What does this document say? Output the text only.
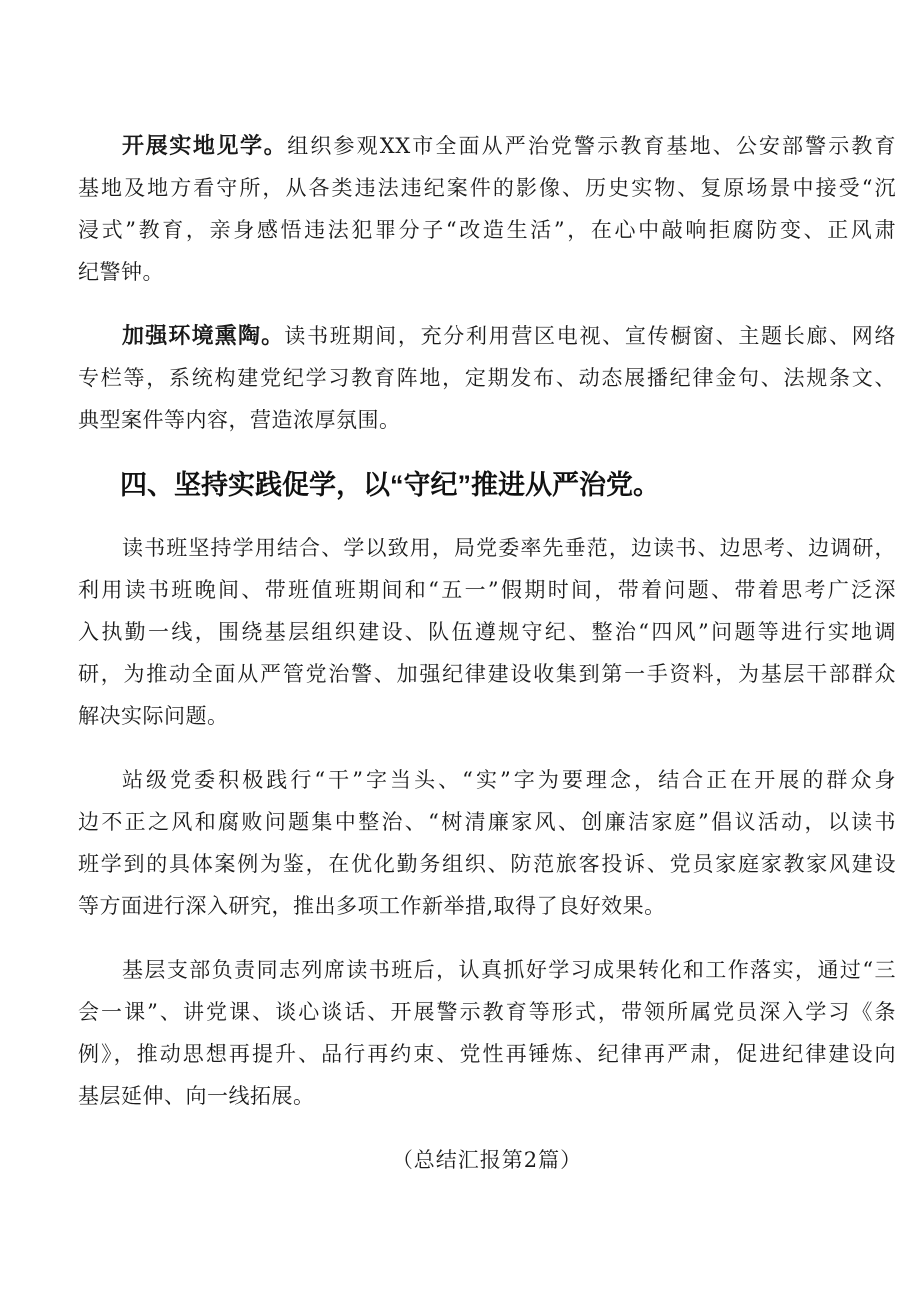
开展实地见学。组织参观XX市全面从严治党警示教育基地、公安部警示教育
基地及地方看守所，从各类违法违纪案件的影像、历史实物、复原场景中接受“沉
浸式”教育，亲身感悟违法犯罪分子“改造生活”，在心中敲响拒腐防变、正风肃
纪警钟。
加强环境熏陶。读书班期间，充分利用营区电视、宣传橱窗、主题长廊、网络
专栏等，系统构建党纪学习教育阵地，定期发布、动态展播纪律金句、法规条文、
典型案件等内容，营造浓厚氛围。
四、坚持实践促学，以“守纪”推进从严治党。
读书班坚持学用结合、学以致用，局党委率先垂范，边读书、边思考、边调研，
利用读书班晚间、带班值班期间和“五一”假期时间，带着问题、带着思考广泛深
入执勤一线，围绕基层组织建设、队伍遵规守纪、整治“四风”问题等进行实地调
研，为推动全面从严管党治警、加强纪律建设收集到第一手资料，为基层干部群众
解决实际问题。
站级党委积极践行“干”字当头、“实”字为要理念，结合正在开展的群众身
边不正之风和腐败问题集中整治、“树清廉家风、创廉洁家庭”倡议活动，以读书
班学到的具体案例为鉴，在优化勤务组织、防范旅客投诉、党员家庭家教家风建设
等方面进行深入研究，推出多项工作新举措,取得了良好效果。
基层支部负责同志列席读书班后，认真抓好学习成果转化和工作落实，通过“三
会一课”、讲党课、谈心谈话、开展警示教育等形式，带领所属党员深入学习《条
例》，推动思想再提升、品行再约束、党性再锤炼、纪律再严肃，促进纪律建设向
基层延伸、向一线拓展。
（总结汇报第2篇）
